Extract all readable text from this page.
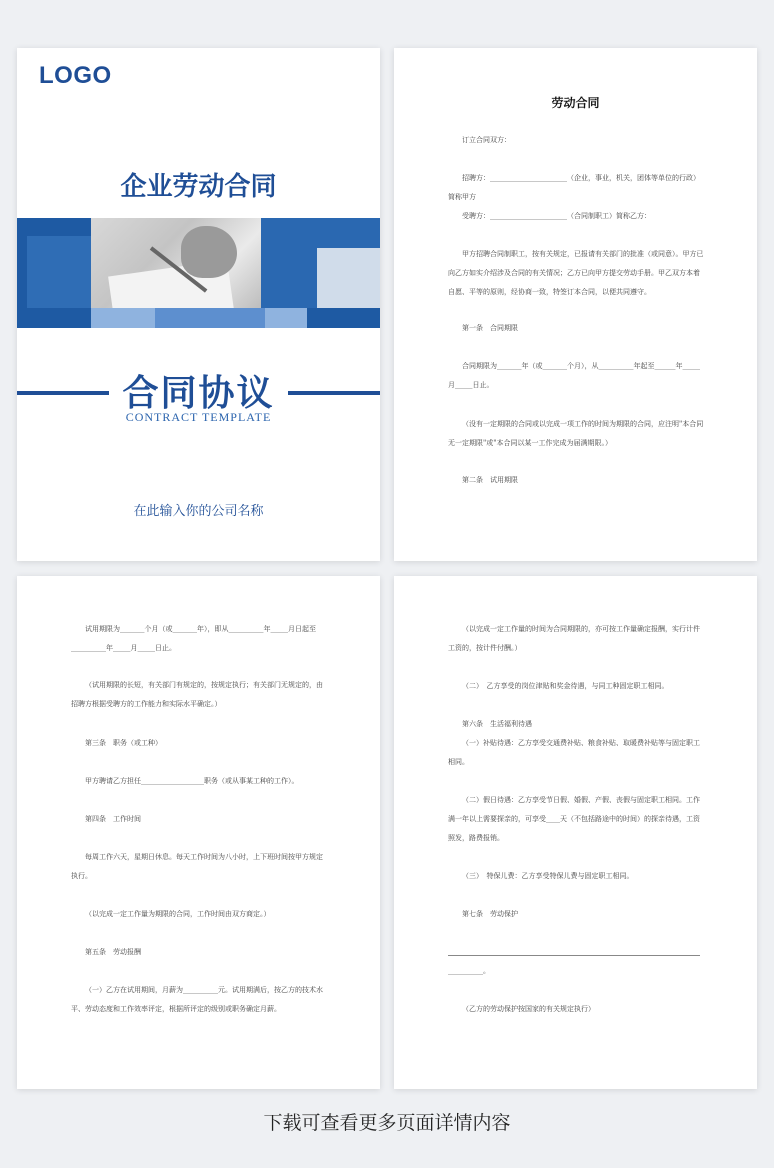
LOGO
企业劳动合同
合同协议
CONTRACT TEMPLATE
在此输入你的公司名称
劳动合同

订立合同双方：

招聘方：______________________（企业，事业，机关，团体等单位的行政）简称甲方

受聘方：______________________（合同制职工）简称乙方：

甲方招聘合同制职工，按有关规定，已报请有关部门的批准（或同意）。甲方已向乙方如实介绍涉及合同的有关情况；乙方已向甲方提交劳动手册。甲乙双方本着自愿、平等的原则，经协商一致，特签订本合同，以便共同遵守。

第一条　合同期限

合同期限为_______年（或_______个月），从__________年起至______年_____月_____日止。

（没有一定期限的合同或以完成一项工作的时间为期限的合同，应注明"本合同无一定期限"或"本合同以某一工作完成为届满期限。）

第二条　试用期限

试用期限为_______个月（或_______年），即从__________年_____月日起至__________年_____月_____日止。

（试用期限的长短，有关部门有规定的，按规定执行；有关部门无规定的，由招聘方根据受聘方的工作能力和实际水平确定。）

第三条　职务（或工种）

甲方聘请乙方担任__________________职务（或从事某工种的工作）。

第四条　工作时间

每周工作六天，星期日休息。每天工作时间为八小时，上下班时间按甲方规定执行。

（以完成一定工作量为期限的合同，工作时间由双方商定。）

第五条　劳动报酬

（一）乙方在试用期间，月薪为__________元。试用期满后，按乙方的技术水平、劳动态度和工作效率评定，根据所评定的级别或职务确定月薪。

（以完成一定工作量的时间为合同期限的，亦可按工作量确定报酬，实行计件工资的，按计件付酬。）

（二）　乙方享受的岗位津贴和奖金待遇，与同工种固定职工相同。

第六条　生活福利待遇

（一）补贴待遇：乙方享受交通费补贴、粮食补贴、取暖费补贴等与固定职工相同。

（二）假日待遇：乙方享受节日假、婚假、产假、丧假与固定职工相同。工作满一年以上需要探亲的，可享受____天（不包括路途中的时间）的探亲待遇，工资照发，路费报销。

（三）　特保儿费：乙方享受特保儿费与固定职工相同。

第七条　劳动保护

__________。

（乙方的劳动保护按国家的有关规定执行）

下载可查看更多页面详情内容
